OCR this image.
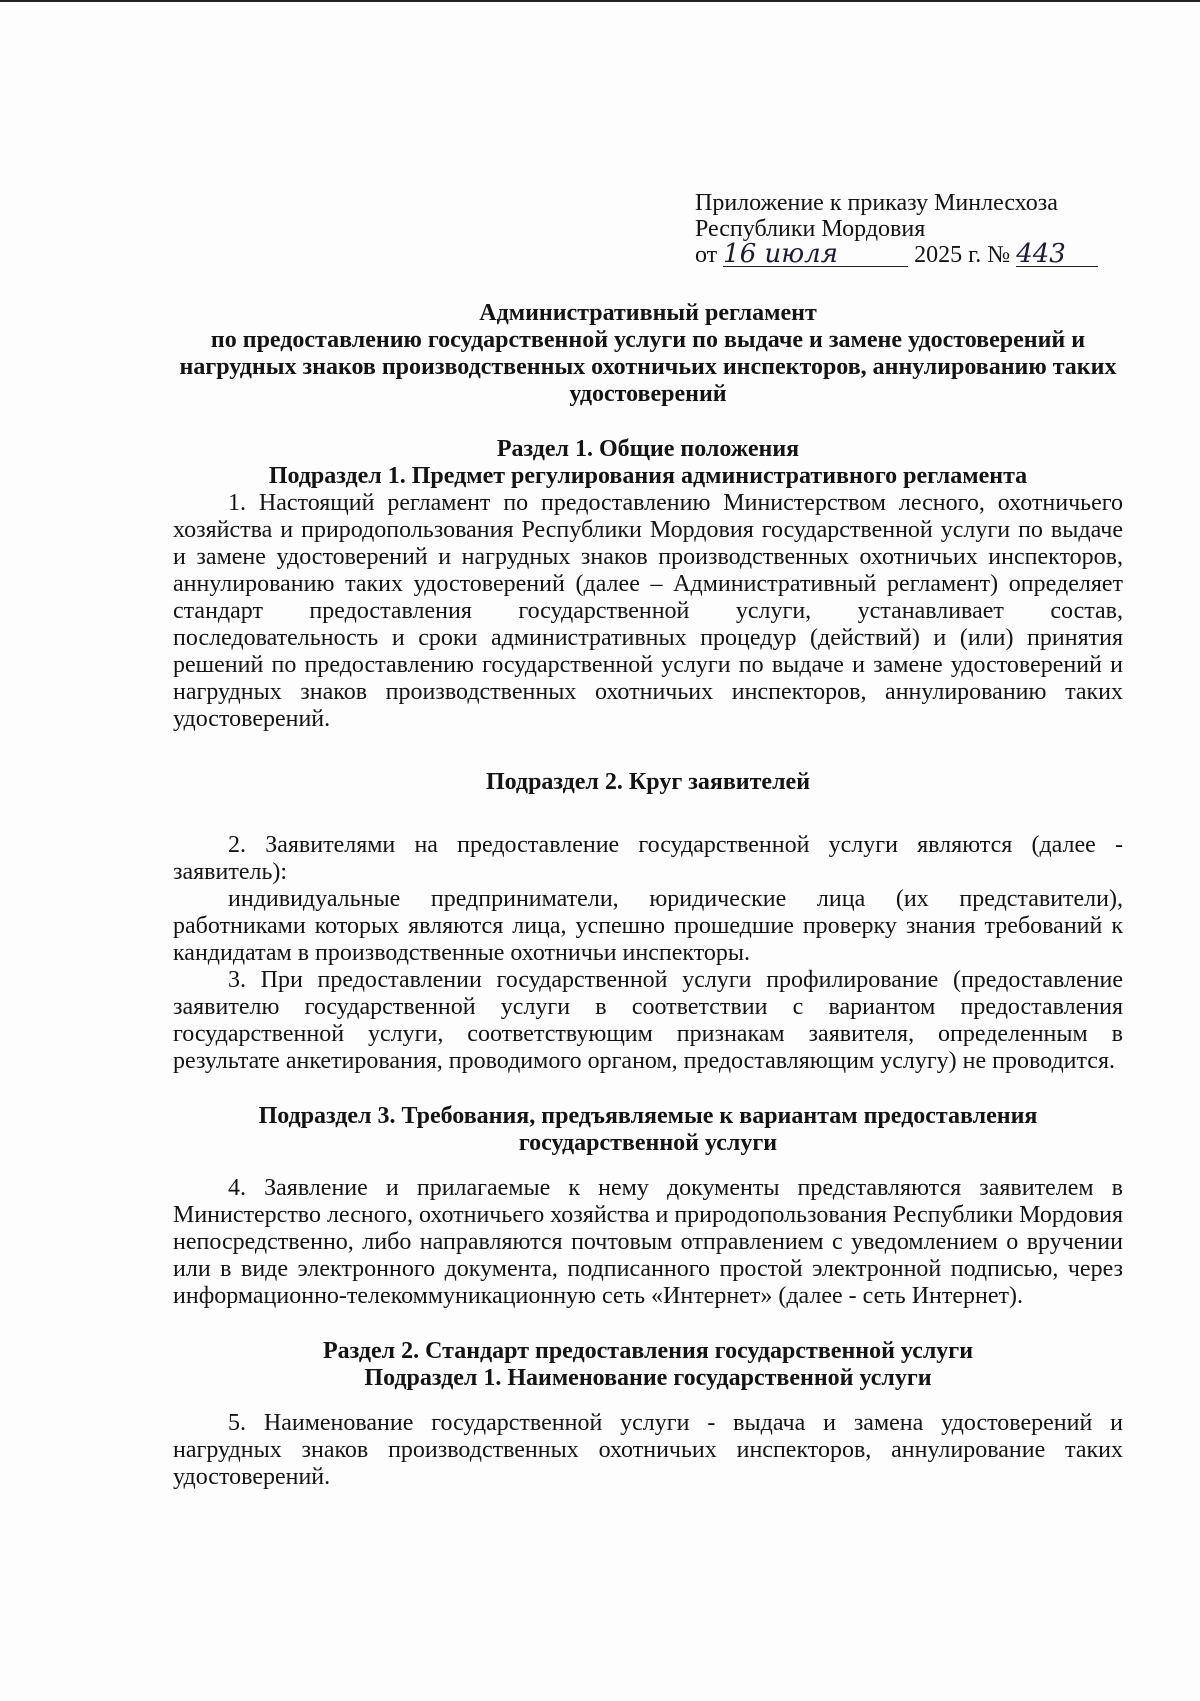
Приложение к приказу Минлесхоза
Республики Мордовия
от 16 июля	2025 г. № 443

Административный регламент

по предоставлению государственной услуги по выдаче и замене удостоверений и нагрудных знаков производственных охотничьих инспекторов, аннулированию таких удостоверений

Раздел 1. Общие положения

Подраздел 1. Предмет регулирования административного регламента

1. Настоящий регламент по предоставлению Министерством лесного, охотничьего хозяйства и природопользования Республики Мордовия государственной услуги по выдаче и замене удостоверений и нагрудных знаков производственных охотничьих инспекторов, аннулированию таких удостоверений (далее – Административный регламент) определяет стандарт предоставления государственной услуги, устанавливает состав, последовательность и сроки административных процедур (действий) и (или) принятия решений по предоставлению государственной услуги по выдаче и замене удостоверений и нагрудных знаков производственных охотничьих инспекторов, аннулированию таких удостоверений.

Подраздел 2. Круг заявителей

2. Заявителями на предоставление государственной услуги являются (далее - заявитель):

индивидуальные предприниматели, юридические лица (их представители), работниками которых являются лица, успешно прошедшие проверку знания требований к кандидатам в производственные охотничьи инспекторы.

3. При предоставлении государственной услуги профилирование (предоставление заявителю государственной услуги в соответствии с вариантом предоставления государственной услуги, соответствующим признакам заявителя, определенным в результате анкетирования, проводимого органом, предоставляющим услугу) не проводится.

Подраздел 3. Требования, предъявляемые к вариантам предоставления

государственной услуги

4. Заявление и прилагаемые к нему документы представляются заявителем в Министерство лесного, охотничьего хозяйства и природопользования Республики Мордовия непосредственно, либо направляются почтовым отправлением с уведомлением о вручении или в виде электронного документа, подписанного простой электронной подписью, через информационно-телекоммуникационную сеть «Интернет» (далее - сеть Интернет).

Раздел 2. Стандарт предоставления государственной услуги

Подраздел 1. Наименование государственной услуги

5. Наименование государственной услуги - выдача и замена удостоверений и нагрудных знаков производственных охотничьих инспекторов, аннулирование таких удостоверений.
